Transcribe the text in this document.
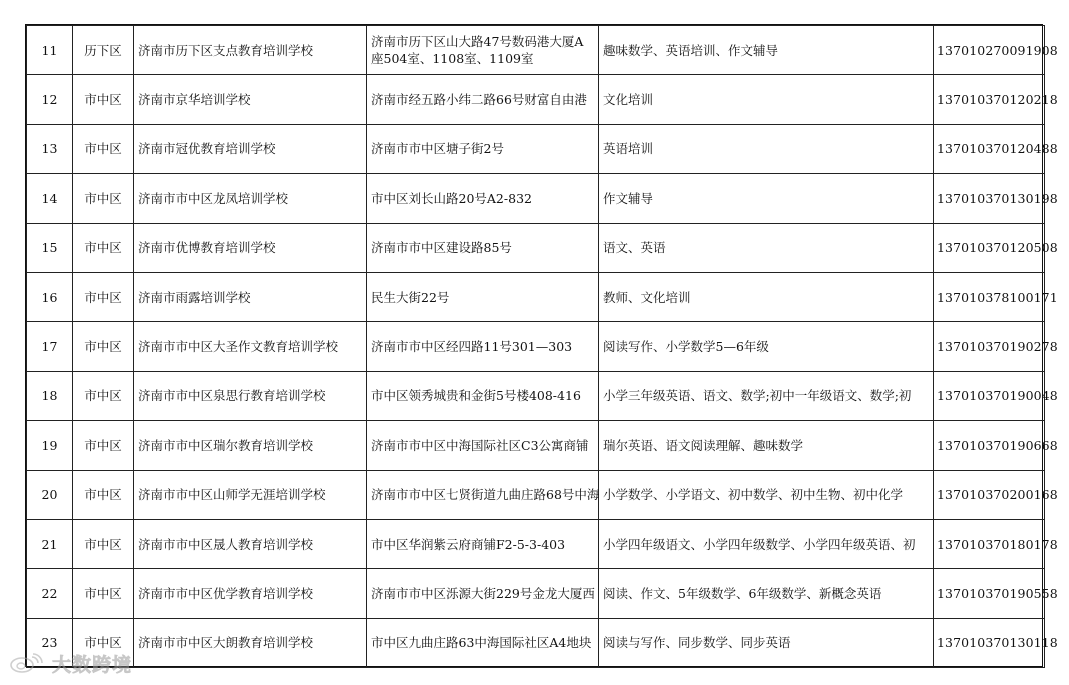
11	历下区	济南市历下区支点教育培训学校	济南市历下区山大路47号数码港大厦A座504室、1108室、1109室	趣味数学、英语培训、作文辅导	137010270091908
12	市中区	济南市京华培训学校	济南市经五路小纬二路66号财富自由港	文化培训	137010370120218
13	市中区	济南市冠优教育培训学校	济南市市中区塘子街2号	英语培训	137010370120488
14	市中区	济南市市中区龙凤培训学校	市中区刘长山路20号A2-832	作文辅导	137010370130198
15	市中区	济南市优博教育培训学校	济南市市中区建设路85号	语文、英语	137010370120508
16	市中区	济南市雨露培训学校	民生大街22号	教师、文化培训	137010378100171
17	市中区	济南市市中区大圣作文教育培训学校	济南市市中区经四路11号301—303	阅读写作、小学数学5—6年级	137010370190278
18	市中区	济南市市中区泉思行教育培训学校	市中区领秀城贵和金街5号楼408-416	小学三年级英语、语文、数学;初中一年级语文、数学;初	137010370190048
19	市中区	济南市市中区瑞尔教育培训学校	济南市市中区中海国际社区C3公寓商铺	瑞尔英语、语文阅读理解、趣味数学	137010370190668
20	市中区	济南市市中区山师学无涯培训学校	济南市市中区七贤街道九曲庄路68号中海	小学数学、小学语文、初中数学、初中生物、初中化学	137010370200168
21	市中区	济南市市中区晟人教育培训学校	市中区华润紫云府商铺F2-5-3-403	小学四年级语文、小学四年级数学、小学四年级英语、初	137010370180178
22	市中区	济南市市中区优学教育培训学校	济南市市中区泺源大街229号金龙大厦西	阅读、作文、5年级数学、6年级数学、新概念英语	137010370190558
23	市中区	济南市市中区大朗教育培训学校	市中区九曲庄路63中海国际社区A4地块	阅读与写作、同步数学、同步英语	137010370130118
大数跨境
